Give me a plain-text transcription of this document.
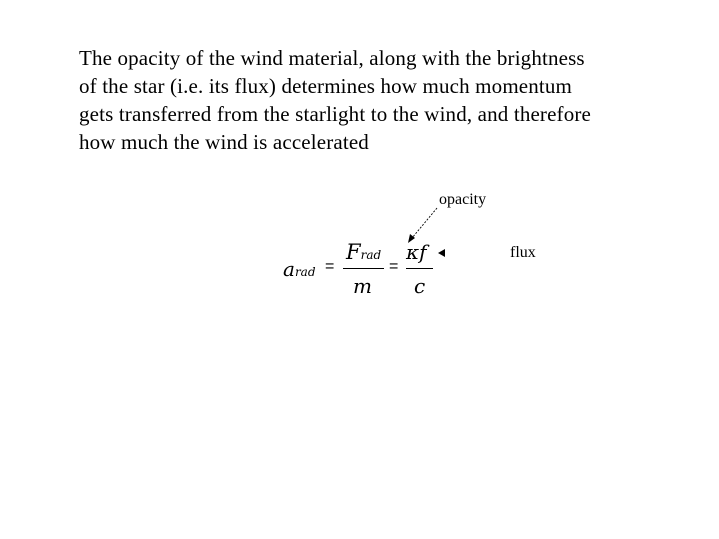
The opacity of the wind material, along with the brightness
of the star (i.e. its flux) determines how much momentum
gets transferred from the starlight to the wind, and therefore
how much the wind is accelerated
opacity
flux
arad =
Frad
m
=
κf
c
